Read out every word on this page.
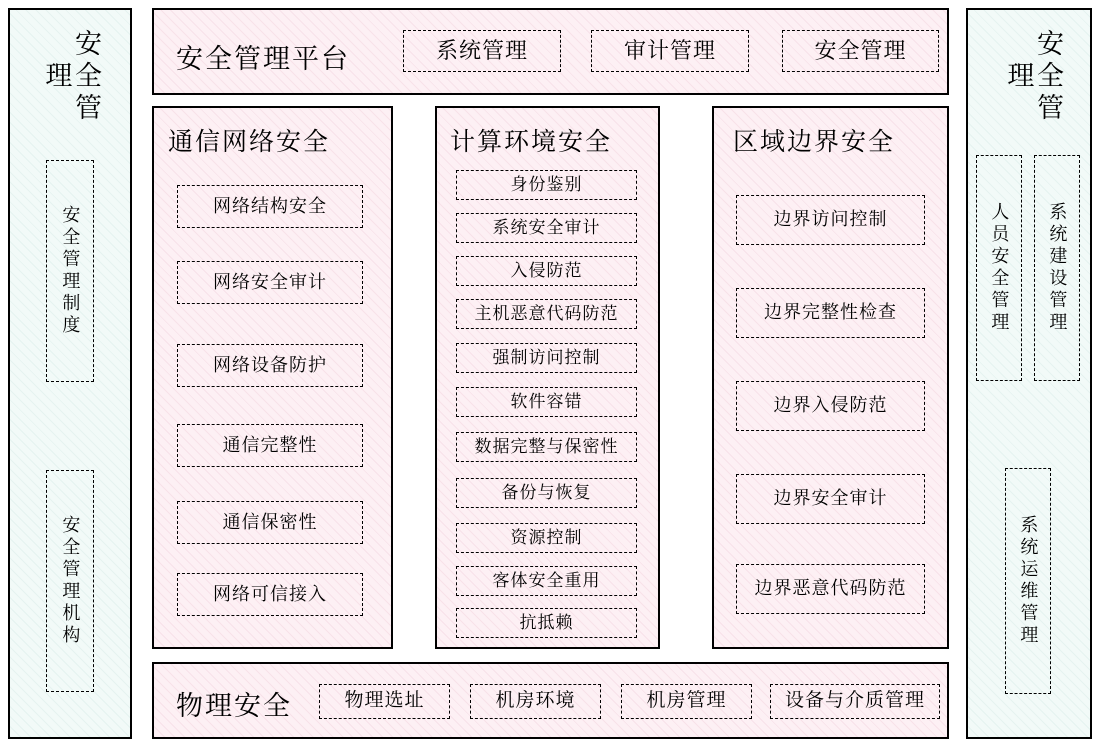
安全管理
安全管理制度
安全管理机构
安全管理
人员安全管理 系统建设管理
系统运维管理
安全管理平台	系统管理	审计管理	安全管理
通信网络安全
网络结构安全
网络安全审计
网络设备防护
通信完整性
通信保密性
网络可信接入
计算环境安全
身份鉴别
系统安全审计
入侵防范
主机恶意代码防范
强制访问控制
软件容错
数据完整与保密性
备份与恢复
资源控制
客体安全重用
抗抵赖
区域边界安全
边界访问控制
边界完整性检查
边界入侵防范
边界安全审计
边界恶意代码防范
物理安全	物理选址	机房环境	机房管理	设备与介质管理
